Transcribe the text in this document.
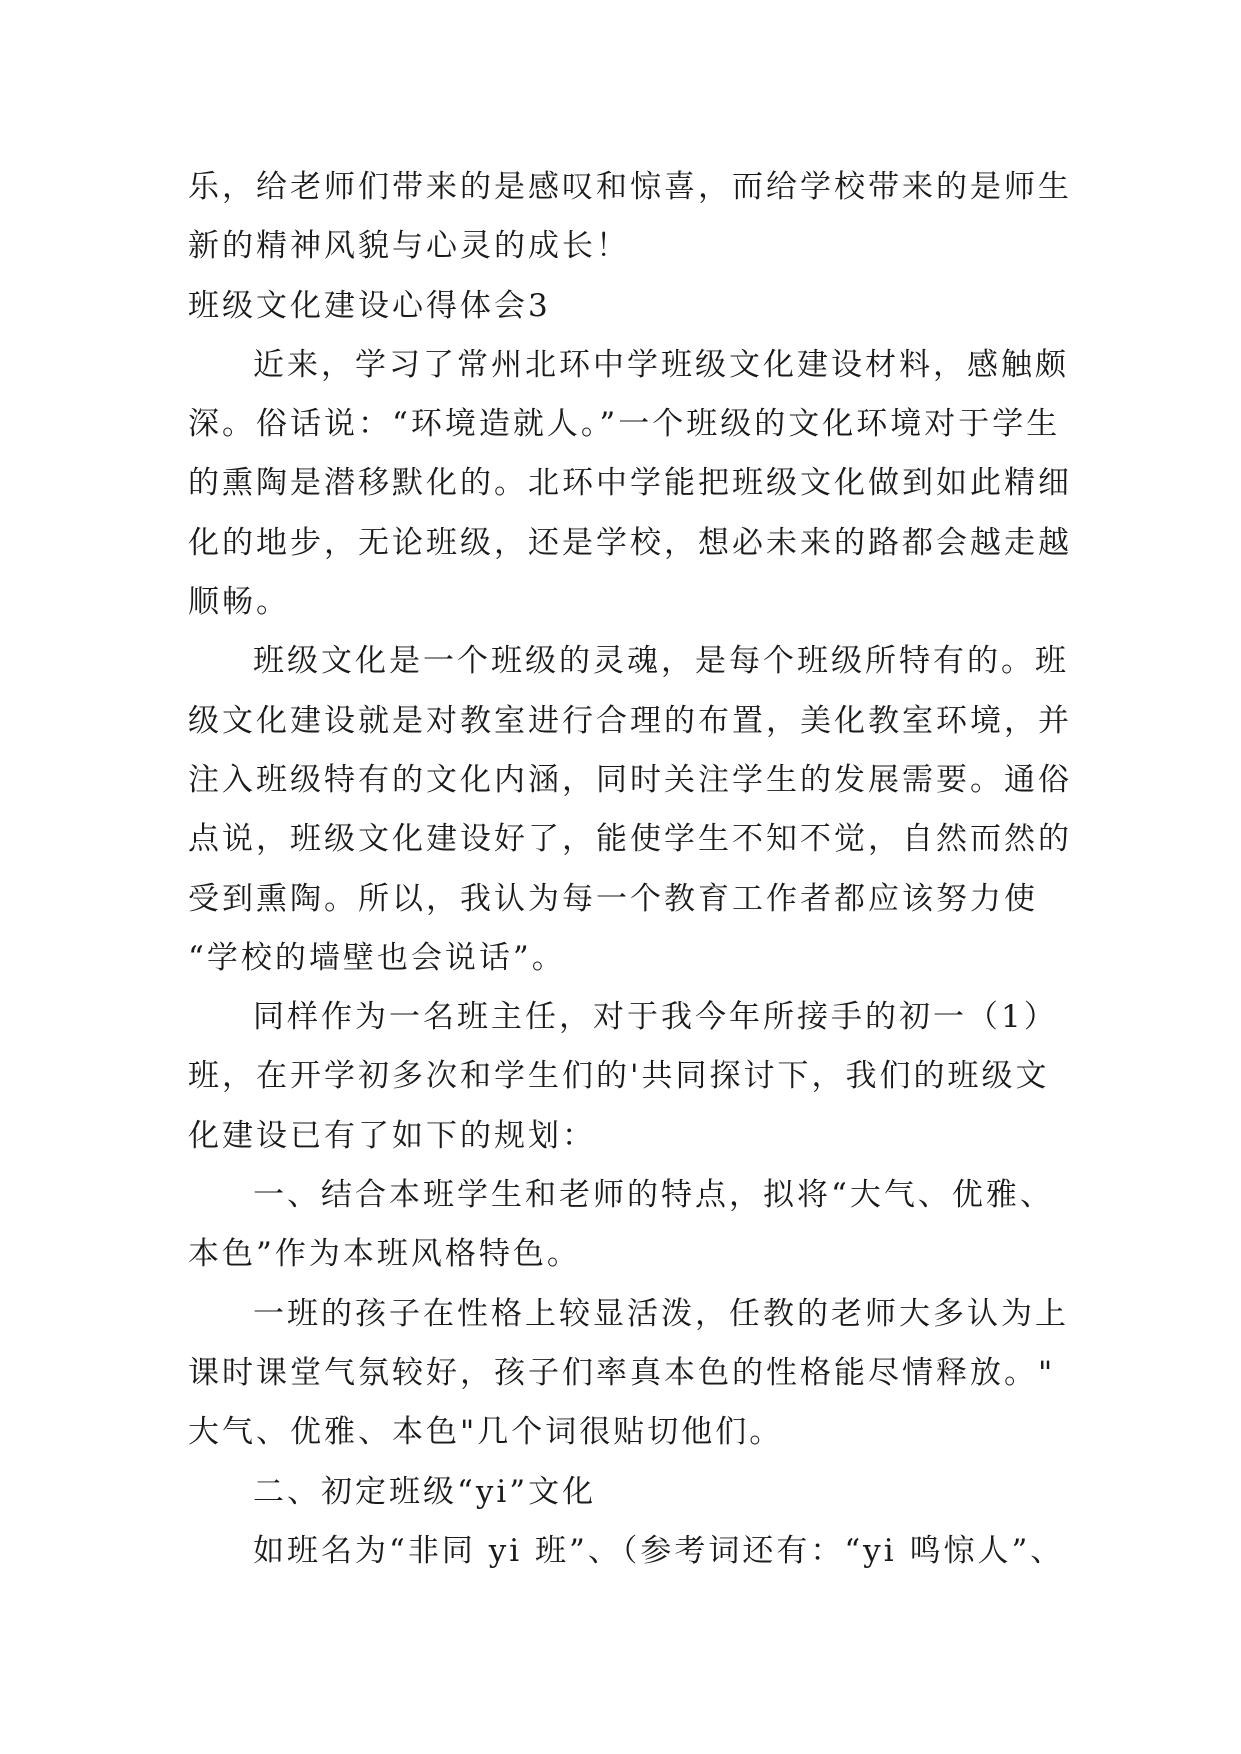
乐，给老师们带来的是感叹和惊喜，而给学校带来的是师生
新的精神风貌与心灵的成长！
班级文化建设心得体会3
近来，学习了常州北环中学班级文化建设材料，感触颇
深。俗话说：“环境造就人。”一个班级的文化环境对于学生
的熏陶是潜移默化的。北环中学能把班级文化做到如此精细
化的地步，无论班级，还是学校，想必未来的路都会越走越
顺畅。
班级文化是一个班级的灵魂，是每个班级所特有的。班
级文化建设就是对教室进行合理的布置，美化教室环境，并
注入班级特有的文化内涵，同时关注学生的发展需要。通俗
点说，班级文化建设好了，能使学生不知不觉，自然而然的
受到熏陶。所以，我认为每一个教育工作者都应该努力使
“学校的墙壁也会说话”。
同样作为一名班主任，对于我今年所接手的初一（1）
班，在开学初多次和学生们的'共同探讨下，我们的班级文
化建设已有了如下的规划：
一、结合本班学生和老师的特点，拟将“大气、优雅、
本色”作为本班风格特色。
一班的孩子在性格上较显活泼，任教的老师大多认为上
课时课堂气氛较好，孩子们率真本色的性格能尽情释放。"
大气、优雅、本色"几个词很贴切他们。
二、初定班级“yi”文化
如班名为“非同 yi 班”、（参考词还有：“yi 鸣惊人”、
